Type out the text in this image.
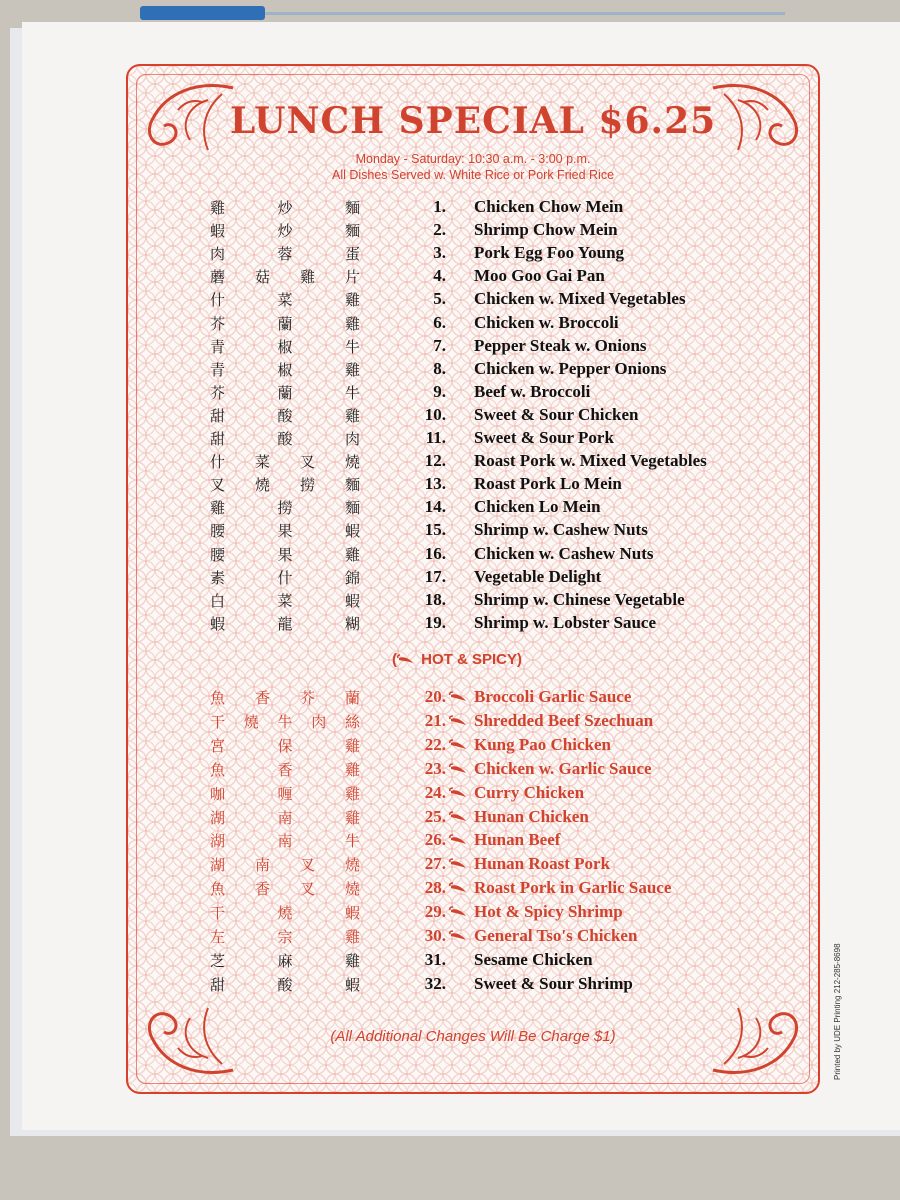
LUNCH SPECIAL $6.25
Monday - Saturday: 10:30 a.m. - 3:00 p.m.
All Dishes Served w. White Rice or Pork Fried Rice
( HOT & SPICY)
雞	炒	麵	1. Chicken Chow Mein
蝦	炒	麵	2. Shrimp Chow Mein
肉	蓉	蛋	3. Pork Egg Foo Young
蘑 菇 雞 片	4. Moo Goo Gai Pan
什	菜	雞	5. Chicken w. Mixed Vegetables
芥	蘭	雞	6. Chicken w. Broccoli
青	椒	牛	7. Pepper Steak w. Onions
青	椒	雞	8. Chicken w. Pepper Onions
芥	蘭	牛	9. Beef w. Broccoli
甜	酸	雞	10. Sweet & Sour Chicken
甜	酸	肉	11. Sweet & Sour Pork
什 菜 叉 燒	12. Roast Pork w. Mixed Vegetables
叉 燒 撈 麵	13. Roast Pork Lo Mein
雞	撈	麵	14. Chicken Lo Mein
腰	果	蝦	15. Shrimp w. Cashew Nuts
腰	果	雞	16. Chicken w. Cashew Nuts
素	什	錦	17. Vegetable Delight
白	菜	蝦	18. Shrimp w. Chinese Vegetable
蝦	龍	糊	19. Shrimp w. Lobster Sauce
魚 香 芥 蘭	20. Broccoli Garlic Sauce
干 燒 牛 肉 絲	21. Shredded Beef Szechuan
宮	保	雞	22. Kung Pao Chicken
魚	香	雞	23. Chicken w. Garlic Sauce
咖	喱	雞	24. Curry Chicken
湖	南	雞	25. Hunan Chicken
湖	南	牛	26. Hunan Beef
湖 南 叉 燒	27. Hunan Roast Pork
魚 香 叉 燒	28. Roast Pork in Garlic Sauce
干	燒	蝦	29. Hot & Spicy Shrimp
左	宗	雞	30. General Tso's Chicken
芝	麻	雞	31. Sesame Chicken
甜	酸	蝦	32. Sweet & Sour Shrimp
(All Additional Changes Will Be Charge $1)	Printed by UDE Printing 212-285-8698
